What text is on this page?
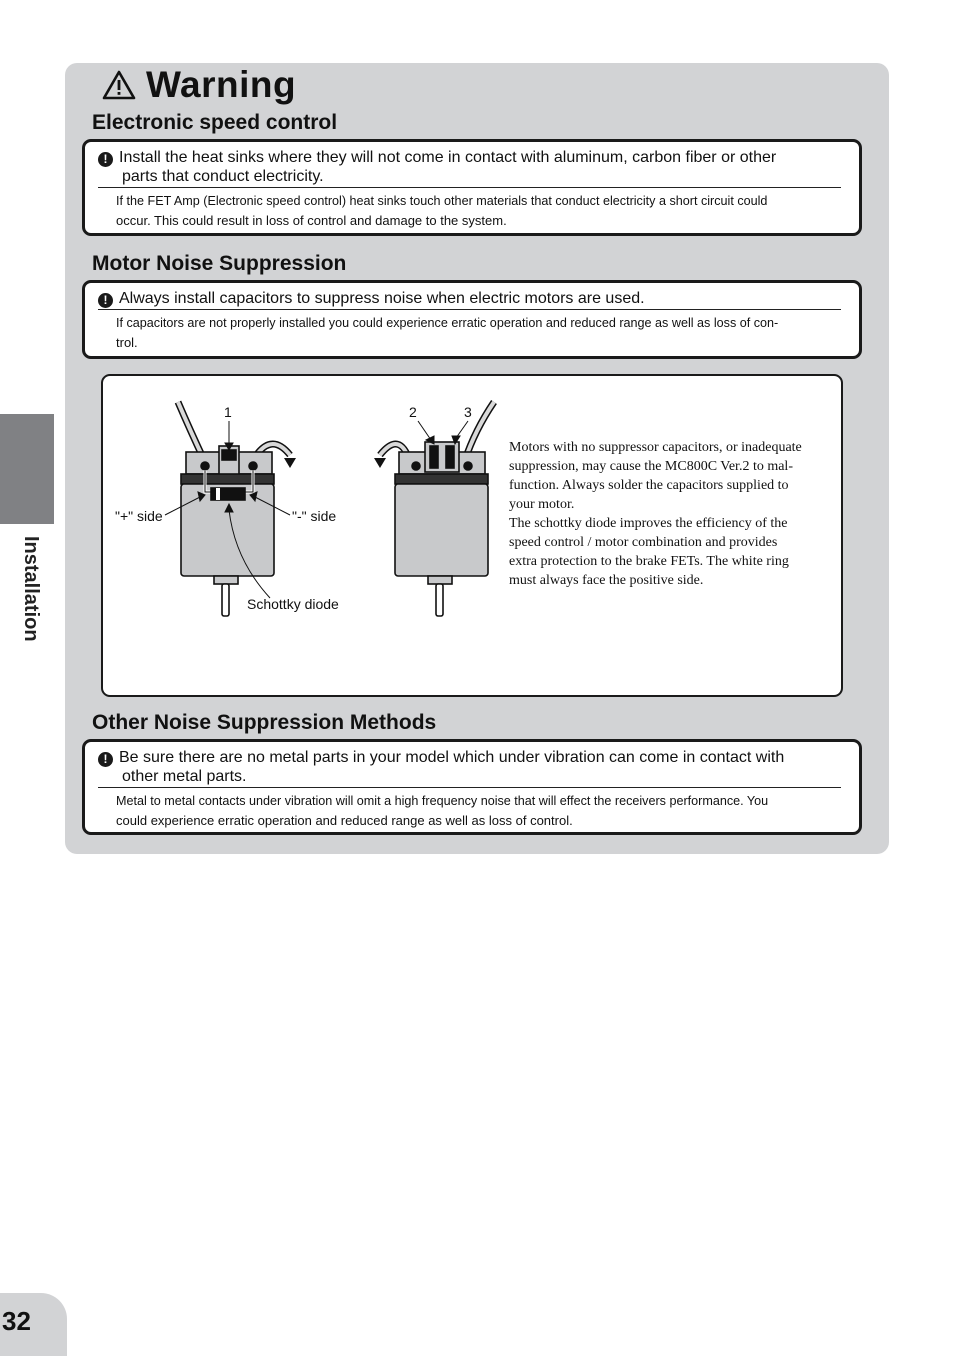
Warning
Electronic speed control
! Install the heat sinks where they will not come in contact with aluminum, carbon fiber or other
parts that conduct electricity.
If the FET Amp (Electronic speed control) heat sinks touch other materials that conduct electricity a short circuit could
occur. This could result in loss of control and damage to the system.
Motor Noise Suppression
! Always install capacitors to suppress noise when electric motors are used.
If capacitors are not properly installed you could experience erratic operation and reduced range as well as loss of con-
trol.
1	2	3
"+" side	"-" side
Schottky diode

Motors with no suppressor capacitors, or inadequate

suppression, may cause the MC800C Ver.2 to mal-

function. Always solder the capacitors supplied to

your motor.

The schottky diode improves the efficiency of the

speed control / motor combination and provides

extra protection to the brake FETs. The white ring

must always face the positive side.

Other Noise Suppression Methods
! Be sure there are no metal parts in your model which under vibration can come in contact with
other metal parts.
Metal to metal contacts under vibration will omit a high frequency noise that will effect the receivers performance. You
could experience erratic operation and reduced range as well as loss of control.
Installation
32
